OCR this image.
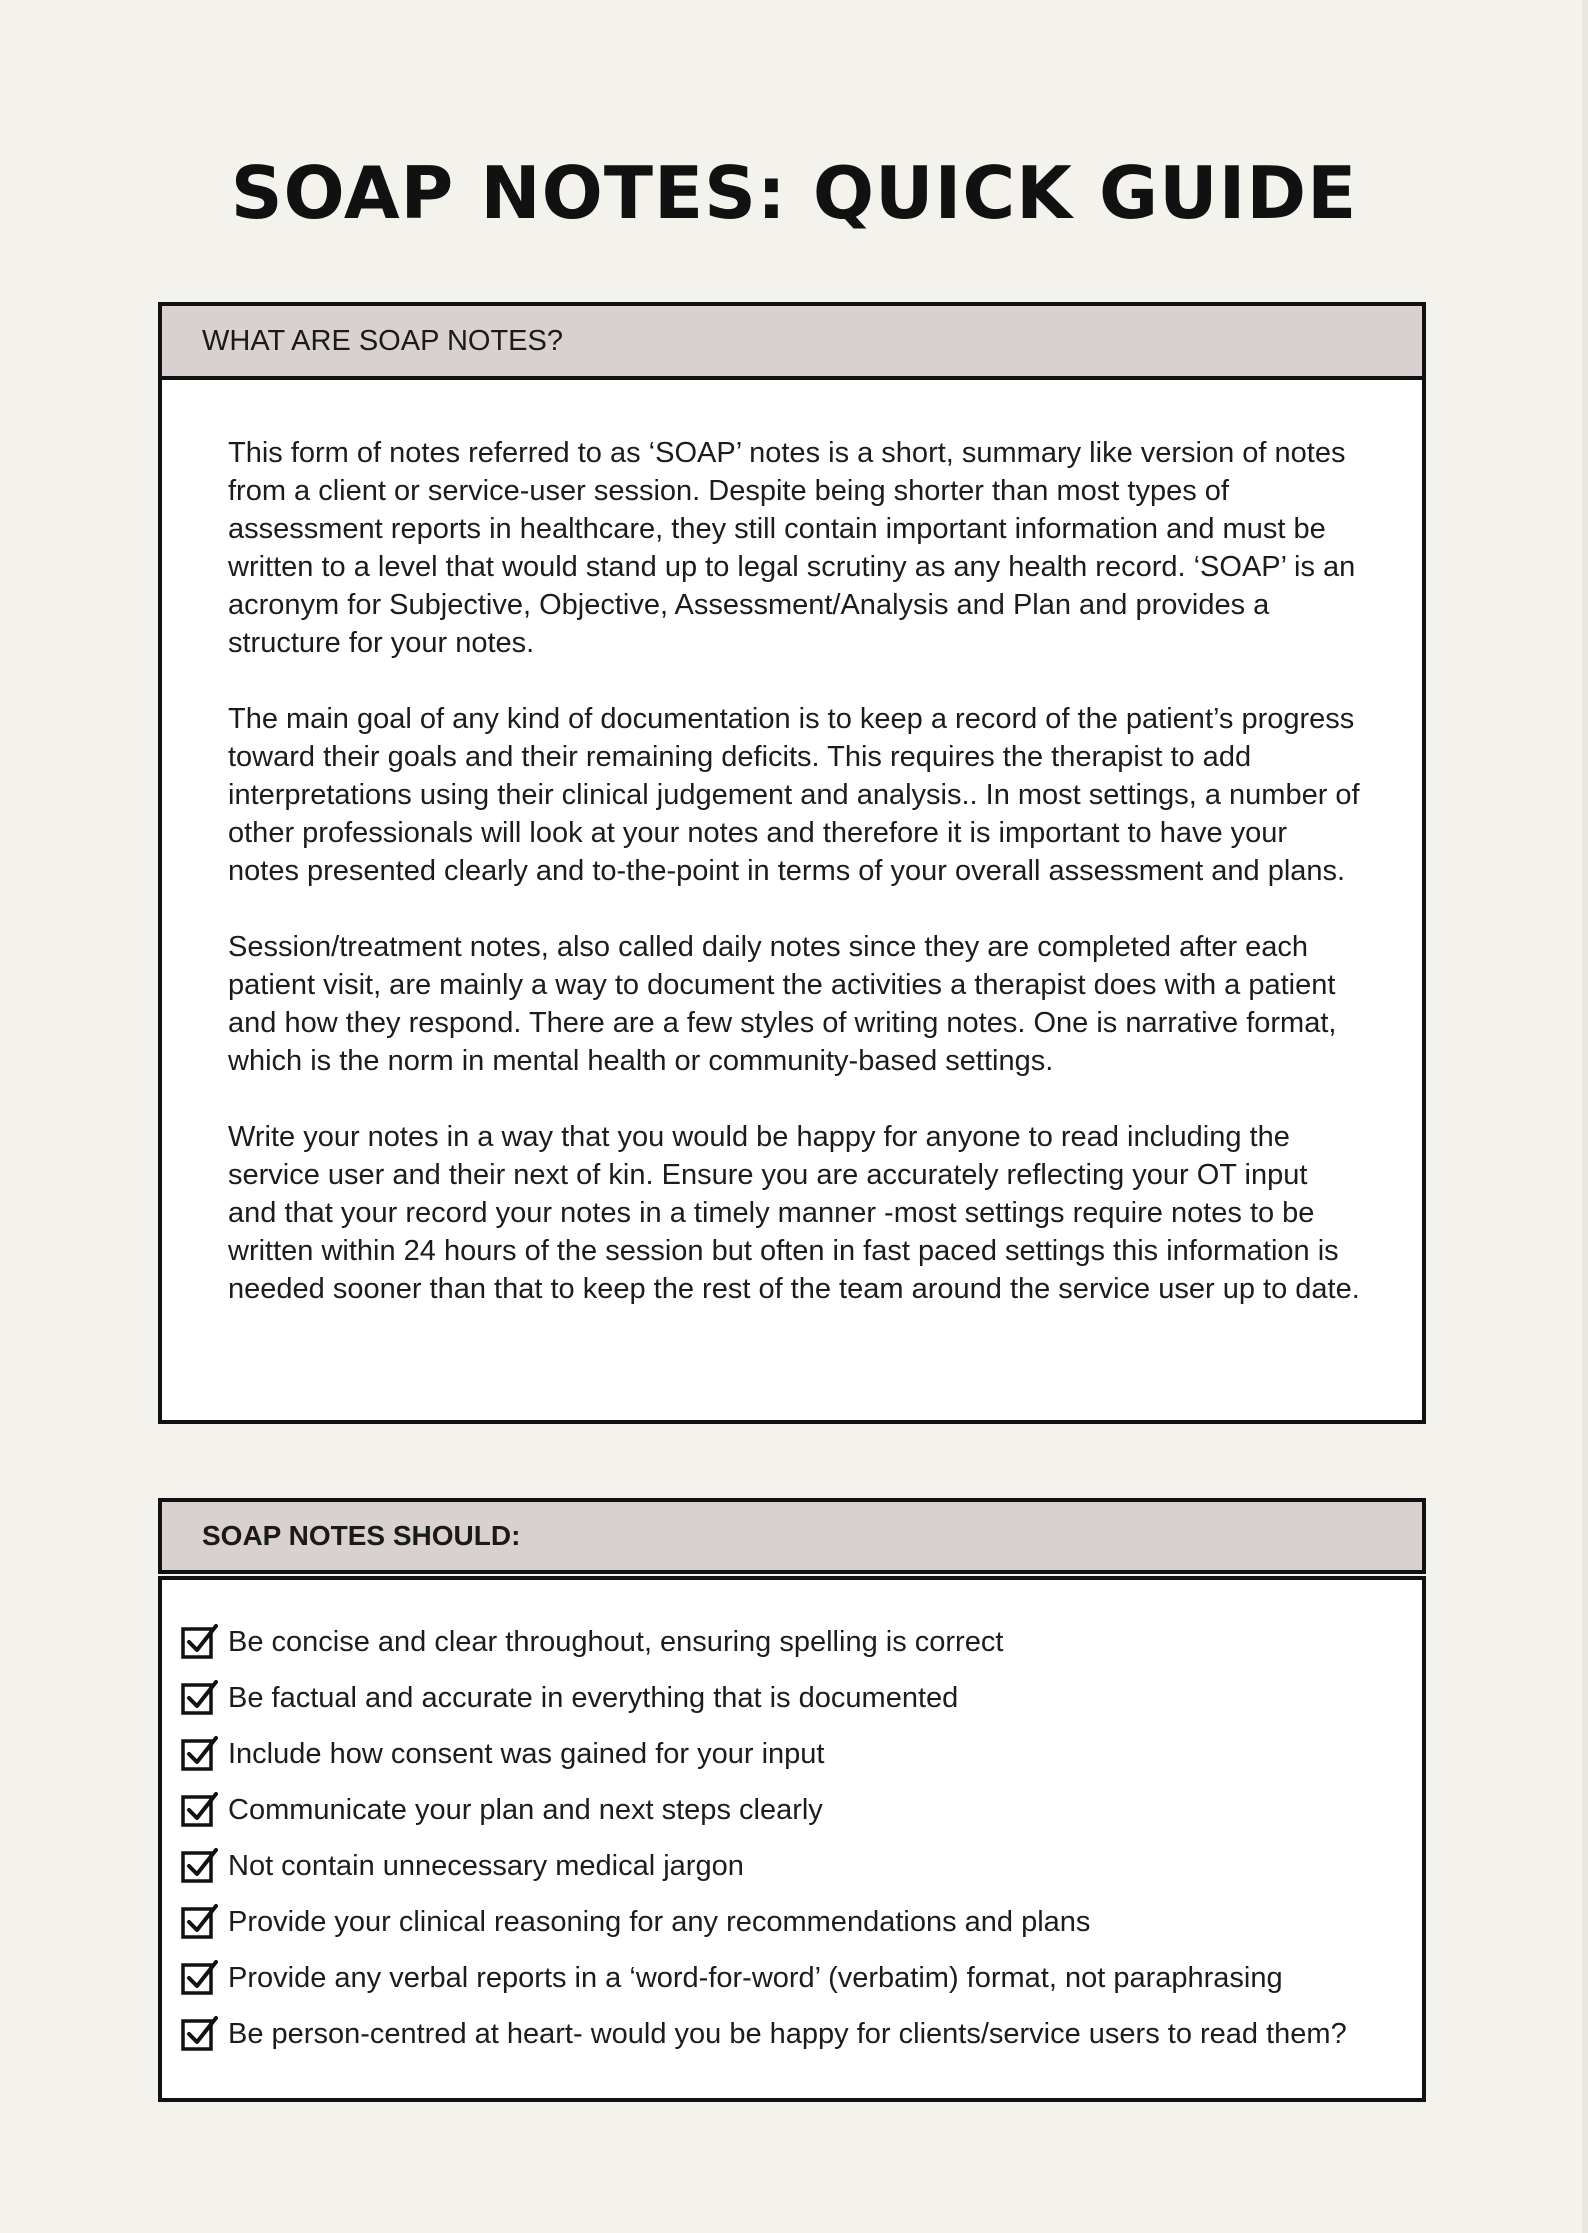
SOAP NOTES: QUICK GUIDE
WHAT ARE SOAP NOTES?

This form of notes referred to as ‘SOAP’ notes is a short, summary like version of notes from a client or service-user session. Despite being shorter than most types of assessment reports in healthcare, they still contain important information and must be written to a level that would stand up to legal scrutiny as any health record. ‘SOAP’ is an acronym for Subjective, Objective, Assessment/Analysis and Plan and provides a structure for your notes.

The main goal of any kind of documentation is to keep a record of the patient’s progress toward their goals and their remaining deficits. This requires the therapist to add interpretations using their clinical judgement and analysis.. In most settings, a number of other professionals will look at your notes and therefore it is important to have your notes presented clearly and to-the-point in terms of your overall assessment and plans.

Session/treatment notes, also called daily notes since they are completed after each patient visit, are mainly a way to document the activities a therapist does with a patient and how they respond. There are a few styles of writing notes. One is narrative format, which is the norm in mental health or community-based settings.

Write your notes in a way that you would be happy for anyone to read including the service user and their next of kin. Ensure you are accurately reflecting your OT input and that your record your notes in a timely manner -most settings require notes to be written within 24 hours of the session but often in fast paced settings this information is needed sooner than that to keep the rest of the team around the service user up to date.

SOAP NOTES SHOULD:
Be concise and clear throughout, ensuring spelling is correct
Be factual and accurate in everything that is documented
Include how consent was gained for your input
Communicate your plan and next steps clearly
Not contain unnecessary medical jargon
Provide your clinical reasoning for any recommendations and plans
Provide any verbal reports in a ‘word-for-word’ (verbatim) format, not paraphrasing
Be person-centred at heart- would you be happy for clients/service users to read them?
